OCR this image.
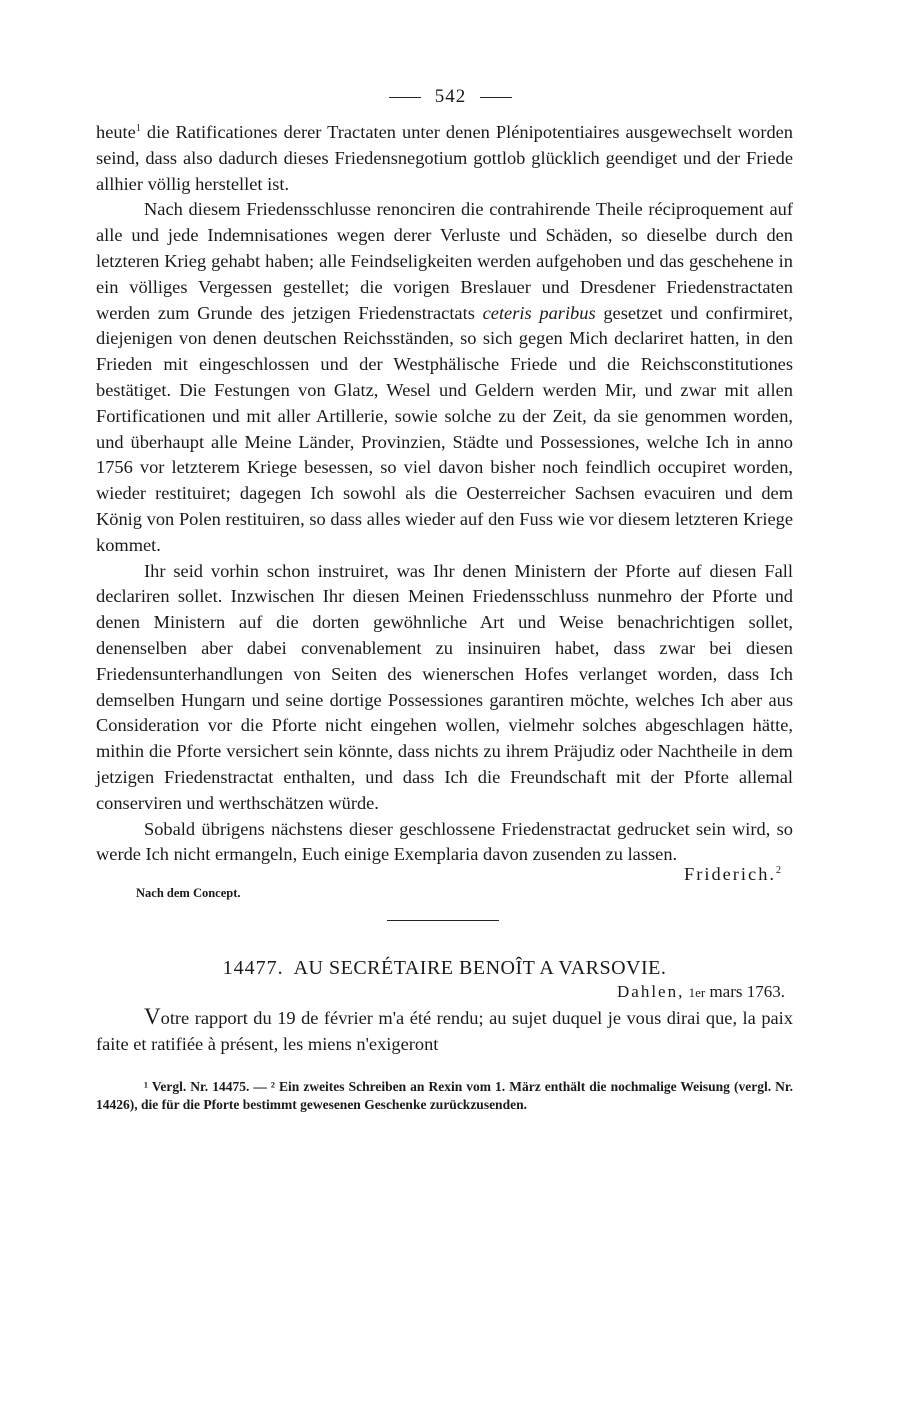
542

heute$^1$ die Ratificationes derer Tractaten unter denen Plénipotentiaires ausgewechselt worden seind, dass also dadurch dieses Friedensnegotium gottlob glücklich geendiget und der Friede allhier völlig herstellet ist.

Nach diesem Friedensschlusse renonciren die contrahirende Theile réciproquement auf alle und jede Indemnisationes wegen derer Verluste und Schäden, so dieselbe durch den letzteren Krieg gehabt haben; alle Feindseligkeiten werden aufgehoben und das geschehene in ein völliges Vergessen gestellet; die vorigen Breslauer und Dresdener Friedenstractaten werden zum Grunde des jetzigen Friedenstractats ceteris paribus gesetzet und confirmiret, diejenigen von denen deutschen Reichsständen, so sich gegen Mich declariret hatten, in den Frieden mit eingeschlossen und der Westphälische Friede und die Reichsconstitutiones bestätiget. Die Festungen von Glatz, Wesel und Geldern werden Mir, und zwar mit allen Fortificationen und mit aller Artillerie, sowie solche zu der Zeit, da sie genommen worden, und überhaupt alle Meine Länder, Provinzien, Städte und Possessiones, welche Ich in anno 1756 vor letzterem Kriege besessen, so viel davon bisher noch feindlich occupiret worden, wieder restituiret; dagegen Ich sowohl als die Oesterreicher Sachsen evacuiren und dem König von Polen restituiren, so dass alles wieder auf den Fuss wie vor diesem letzteren Kriege kommet.

Ihr seid vorhin schon instruiret, was Ihr denen Ministern der Pforte auf diesen Fall declariren sollet. Inzwischen Ihr diesen Meinen Friedensschluss nunmehro der Pforte und denen Ministern auf die dorten gewöhnliche Art und Weise benachrichtigen sollet, denenselben aber dabei convenablement zu insinuiren habet, dass zwar bei diesen Friedensunterhandlungen von Seiten des wienerschen Hofes verlanget worden, dass Ich demselben Hungarn und seine dortige Possessiones garantiren möchte, welches Ich aber aus Consideration vor die Pforte nicht eingehen wollen, vielmehr solches abgeschlagen hätte, mithin die Pforte versichert sein könnte, dass nichts zu ihrem Präjudiz oder Nachtheile in dem jetzigen Friedenstractat enthalten, und dass Ich die Freundschaft mit der Pforte allemal conserviren und werthschätzen würde.

Sobald übrigens nächstens dieser geschlossene Friedenstractat gedrucket sein wird, so werde Ich nicht ermangeln, Euch einige Exemplaria davon zusenden zu lassen.

Nach dem Concept.
Friderich.$^2$
14477. AU SECRÉTAIRE BENOÎT A VARSOVIE.
Dahlen, 1er mars 1763.

Votre rapport du 19 de février m'a été rendu; au sujet duquel je vous dirai que, la paix faite et ratifiée à présent, les miens n'exigeront

¹ Vergl. Nr. 14475. — ² Ein zweites Schreiben an Rexin vom 1. März enthält die nochmalige Weisung (vergl. Nr. 14426), die für die Pforte bestimmt gewesenen Geschenke zurückzusenden.
